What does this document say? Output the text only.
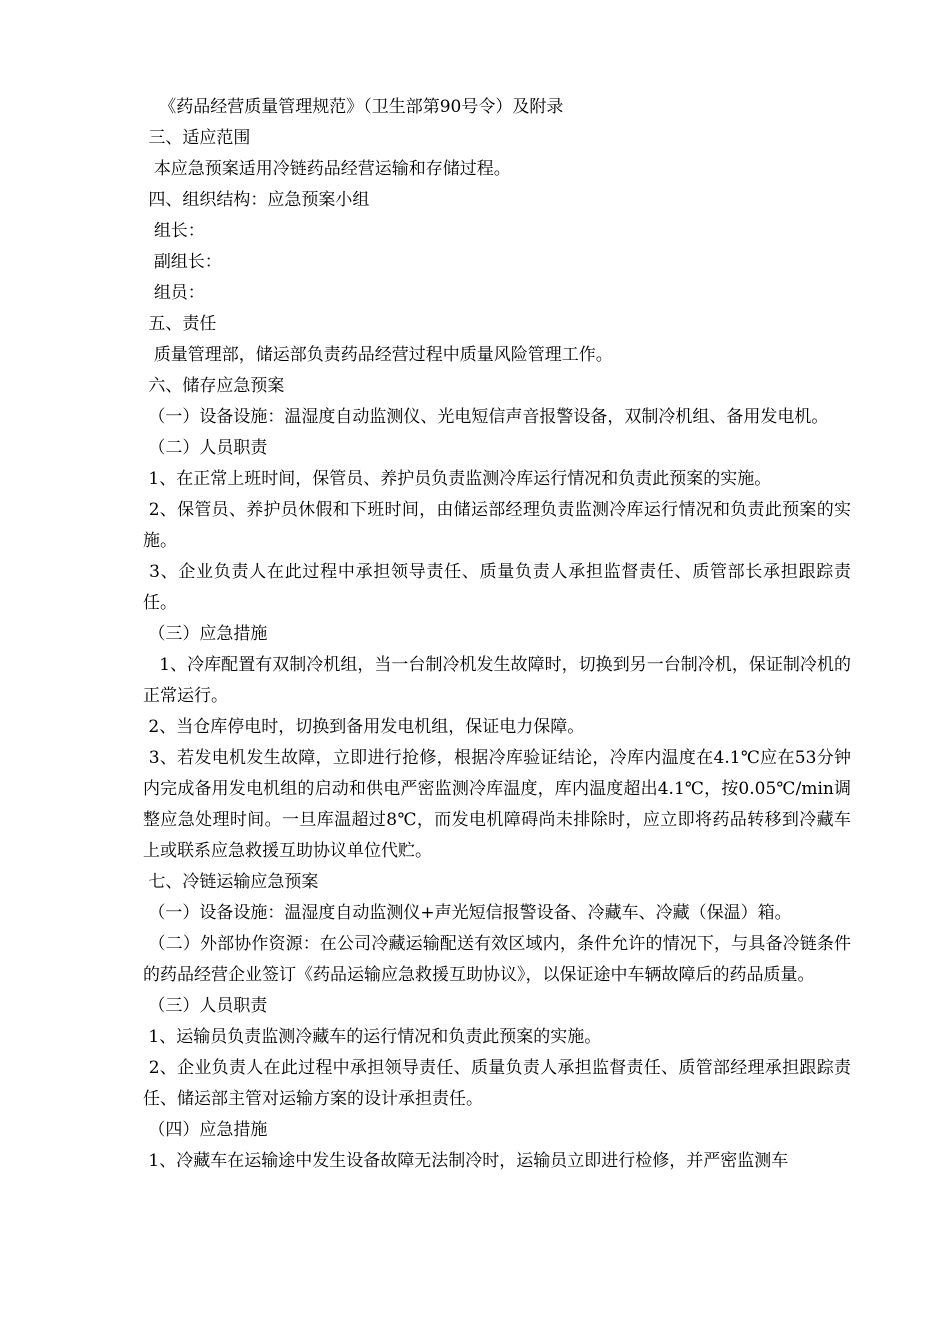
《药品经营质量管理规范》（卫生部第90号令）及附录

三、适应范围

本应急预案适用冷链药品经营运输和存储过程。

四、组织结构：应急预案小组

组长：

副组长：

组员：

五、责任

质量管理部，储运部负责药品经营过程中质量风险管理工作。

六、储存应急预案

（一）设备设施：温湿度自动监测仪、光电短信声音报警设备，双制冷机组、备用发电机。

（二）人员职责

1、在正常上班时间，保管员、养护员负责监测冷库运行情况和负责此预案的实施。

2、保管员、养护员休假和下班时间，由储运部经理负责监测冷库运行情况和负责此预案的实施。

3、企业负责人在此过程中承担领导责任、质量负责人承担监督责任、质管部长承担跟踪责任。

（三）应急措施

1、冷库配置有双制冷机组，当一台制冷机发生故障时，切换到另一台制冷机，保证制冷机的正常运行。

2、当仓库停电时，切换到备用发电机组，保证电力保障。

3、若发电机发生故障，立即进行抢修，根据冷库验证结论，冷库内温度在4.1℃应在53分钟内完成备用发电机组的启动和供电严密监测冷库温度，库内温度超出4.1℃，按0.05℃/min调整应急处理时间。一旦库温超过8℃，而发电机障碍尚未排除时，应立即将药品转移到冷藏车上或联系应急救援互助协议单位代贮。

七、冷链运输应急预案

（一）设备设施：温湿度自动监测仪+声光短信报警设备、冷藏车、冷藏（保温）箱。

（二）外部协作资源：在公司冷藏运输配送有效区域内，条件允许的情况下，与具备冷链条件的药品经营企业签订《药品运输应急救援互助协议》，以保证途中车辆故障后的药品质量。

（三）人员职责

1、运输员负责监测冷藏车的运行情况和负责此预案的实施。

2、企业负责人在此过程中承担领导责任、质量负责人承担监督责任、质管部经理承担跟踪责任、储运部主管对运输方案的设计承担责任。

（四）应急措施

1、冷藏车在运输途中发生设备故障无法制冷时，运输员立即进行检修，并严密监测车
